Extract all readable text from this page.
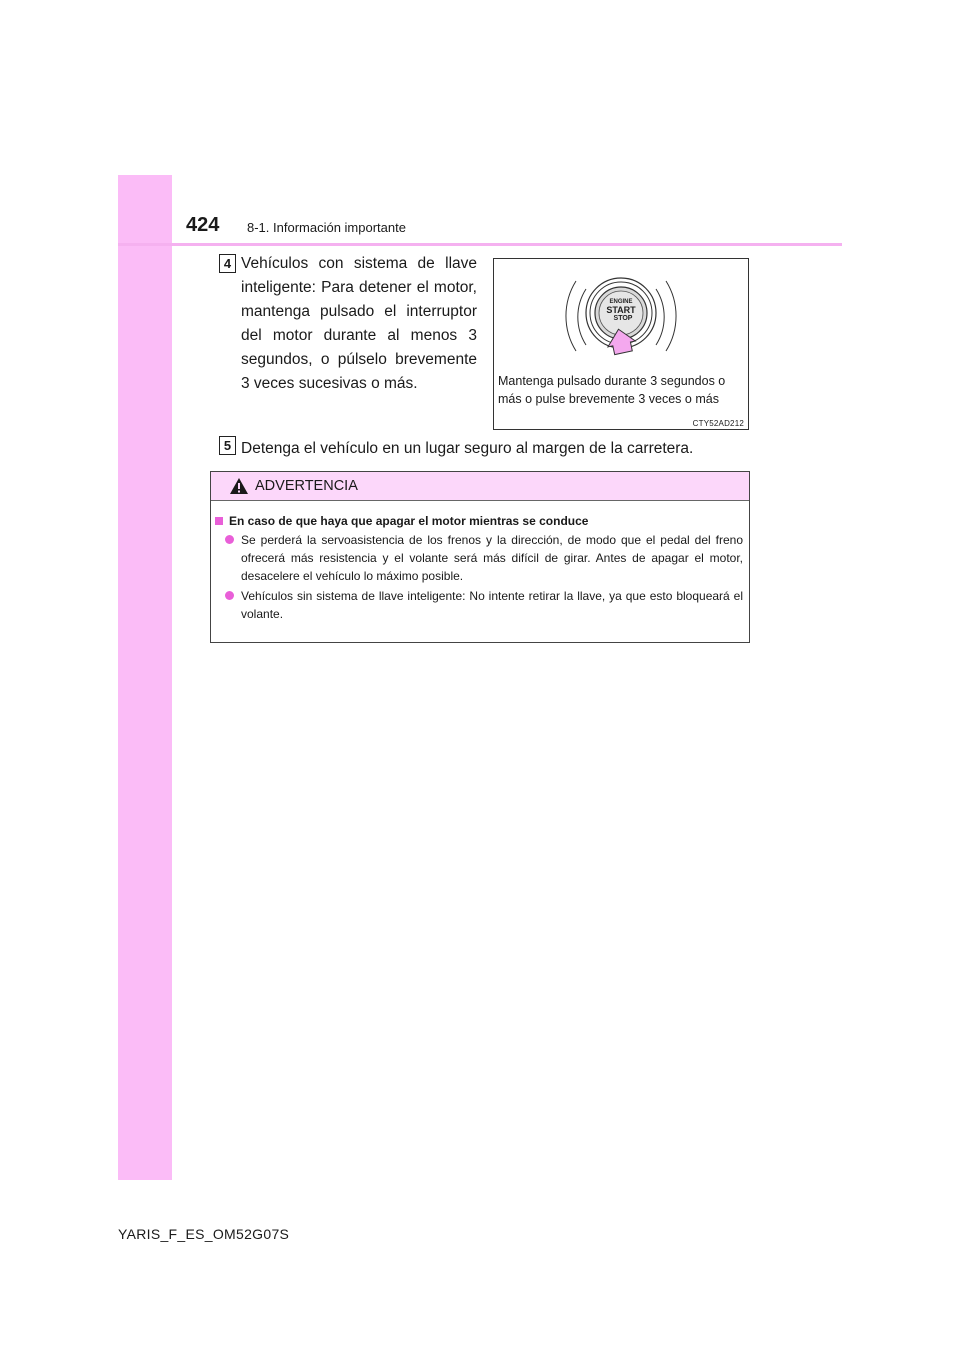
424 8-1. Información importante
4 Vehículos con sistema de llave inteligente: Para detener el motor, mantenga pulsado el interruptor del motor durante al menos 3 segundos, o púlselo brevemente 3 veces sucesivas o más.
ENGINE
START
STOP
Mantenga pulsado durante 3 segundos o más o pulse brevemente 3 veces o más
CTY52AD212
5 Detenga el vehículo en un lugar seguro al margen de la carretera.
ADVERTENCIA
En caso de que haya que apagar el motor mientras se conduce
Se perderá la servoasistencia de los frenos y la dirección, de modo que el pedal del freno ofrecerá más resistencia y el volante será más difícil de girar. Antes de apagar el motor, desacelere el vehículo lo máximo posible.
Vehículos sin sistema de llave inteligente: No intente retirar la llave, ya que esto bloqueará el volante.
YARIS_F_ES_OM52G07S
